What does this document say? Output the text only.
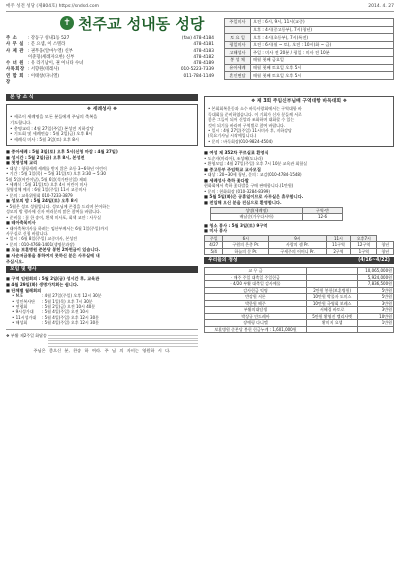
매주 성전 성당 (제804호) https://sndsd.com	2014. 4. 27
✝ 천주교 성내동 성당
주 소	: 강동구 성내1동 527	(fax) 478-4184
사 무 실 : 문 요셉, 이 스텔라	478-4181
사 제 관 : 권무웅(알마누엘) 신부	478-4183
이준형(세례자요한) 신부	478-4182
수 녀 원 : 유 라기남이, 권 여니타 수녀	478-4189
사목회장 : 서향원(테레사)	010-5223-7339
연 합 회 장
: 이태창(다니엘)	011-784-1149
주일미사	오전 : 6시, 9시, 11시(교중)
	오후 : 4시(중고등부), 7시(청년)
토 요 일	오후 : 4시(초등부), 7시(특전)
평일미사	오전 : 6시(월 ~ 토), 오전 : 10시(화 ~ 금)
고해성사	주일 : 미사 전 20분 / 평일 : 미사 전 10분
봉 성 체	매월 첫째 금요일
유아세례	매월 첫째 토요일 오후 5시
혼인면담	매월 첫째 토요일 오후 5시
본 당 소 식
❖ 세례성사 ❖
• 세로이 세례명을 모든 분들에게 주님의 축복을
기도합니다.
• 총명교리 : 4월 27일(주일) 본성전 지하강당
• 기도회 및 세례연습 : 5월 2일(금) 오후 8시
• 세례식 미사 : 5월 3일(토) 오후 8시
■ 중아세례 : 5월 3일(토) 오후 5시(신청 마감 : 4월 27일)
■ 성시간 : 5월 2일(금) 오후 8시, 본성전
■ 첫영성체 교리
• 대상 : 청평세례 세례를 받지 않은 초등 3~6학년 어린이
• 기간 : 5월 1일(목) ~ 5월 31일(토) 오후 3:30 ~ 5:30
5월 5일(어린이날), 5월 6일(석가탄신일) 제외
• 세례식 : 5월 31일(토) 오후 4시 어린이 미사
첫영성체 예식 : 6월 1일(주일) 11시 교중미사
• 문의 : 교육위원회 010-7233-3879
■ 성모의 밤 : 5월 24일(토) 오후 8시
• 5월은 성모 성월입니다. 성모님께 존경을 드리며 본어하는
성모의 밤 행사에 신자 여러분의 많은 참여를 바랍니다.
• 준비물 : 꽃 한 송이, 흰색 미사포, 회색 교안 : 사무실
■ 테아축복미사
• 태아축복미사를 하려는 임산부께서는 6월 1일(주일)까지
사무실로 신청 바랍니다.
• 일시 : 6월 8일(주일) 교중미사, 본성전
• 문의 : 010-4768-1401(생명분과장)
■ 오늘 보훈병원 준본당 봉헌 2차헌금이 있습니다.
■ 사순저금통을 통하여지 못하신 분은 사무실에 내
주십시오.
모임 및 행사
■ 구역 임원회의 : 5월 2일(금) 성시간 후, 교육관
■ 4월 29일(화) 생명가치회는 쉽니다.
■ 단체별 월례회의
• M.E	: 4월 27일(주일) 오후 12시 30분
• 성인복사단 : 5월 1일(목) 오후 7시 30분
• 연령회	: 5월 2일(금) 오전 10시 40분
• 9시성가대 : 5월 4일(주일) 오전 10시
• 11시성가대 : 5월 4일(주일) 오후 12시 30분
• 해성회	: 5월 4일(주일) 오후 12시 30분
❖ 부활 제2주일 화답송
주님은 좋으신 분, 찬송 하 여라. 주 님 의 자비는 영원하 시 다.
❖ 제 3회 주임신부님배 구역대항 바둑대회 ❖
• 본회회복운동과 소수 바둑사랑회에서는 구역대항 바
둑대회를 준비하였습니다. 이 기회가 신자 분들께 서로
좋은 그들이 되어 신앙과 조화하며 대화할 수 있는
것이 되기를 바라며 구역별로 참여 바랍니다.
• 일시 : 4월 27일(주일) 11시미사 후, 지하강당
(목요기사님 시작예입니다.)
• 문의 : 바둑회장(010-9824-4504)
■ 여성 제 352차 꾸르실료 환영식
• 도순자(마리아), 조성혜(도나라)
• 환영모임 : 4월 27일(주일) 오후 7시 10분 교육관 회합실
■ 중고등부 주임학교 교사모집
• 대상 : 20~30세 청년, 문의 : 교감(010-4784-1548)
■ 세례성사 축하 꽃다발
현화회에서 축하 꽃다발을 구매 판매합니다.(1만원)
• 문의 : 현화회장 (010-3284-8399)
■ 5월 5일(화)은 공휴일이므로 사무실은 휴무합니다.
■ 전입해 오신 분을 진심으로 환영합니다.
성명(세례명)	구역-반
배남순(가우다시아)	12-6
■ 청소 봉사 : 5월 3일(토) 9구역
■ 미사 봉사
주일	6시	9시	11시	오후7시	
4/27	구원의 은총 Pr.	사랑의 샘 Pr.	11구역	12구역	청년
5/4	하늘의 문 Pr.	구세주의 어머니 Pr.	2구역	1구역	청년
우리들의 정성	(4/16~4/22)
교 무 금		10,065,000원
· 매주 주일 대축일 주일헌금		5,924,000원
· 4/20 부활 대축일 감사예물		7,836,500원
감사헌금 익명	2만원 봉헌(보훈병원)	5만원
반강원 서론	10만원 박물자 도미스	5만원
박한원 해주	10만원 국영회 보레스	3만원
부활의대담생	서혜경 바토로	3만원
박상규 안드레아	5만원 황영진 엘리사벳	10만원
장예평 다니엘	황미지 요셉	1만원
보훈병원 준본당 봉헌 헌금누계 : 1,601,000원		
